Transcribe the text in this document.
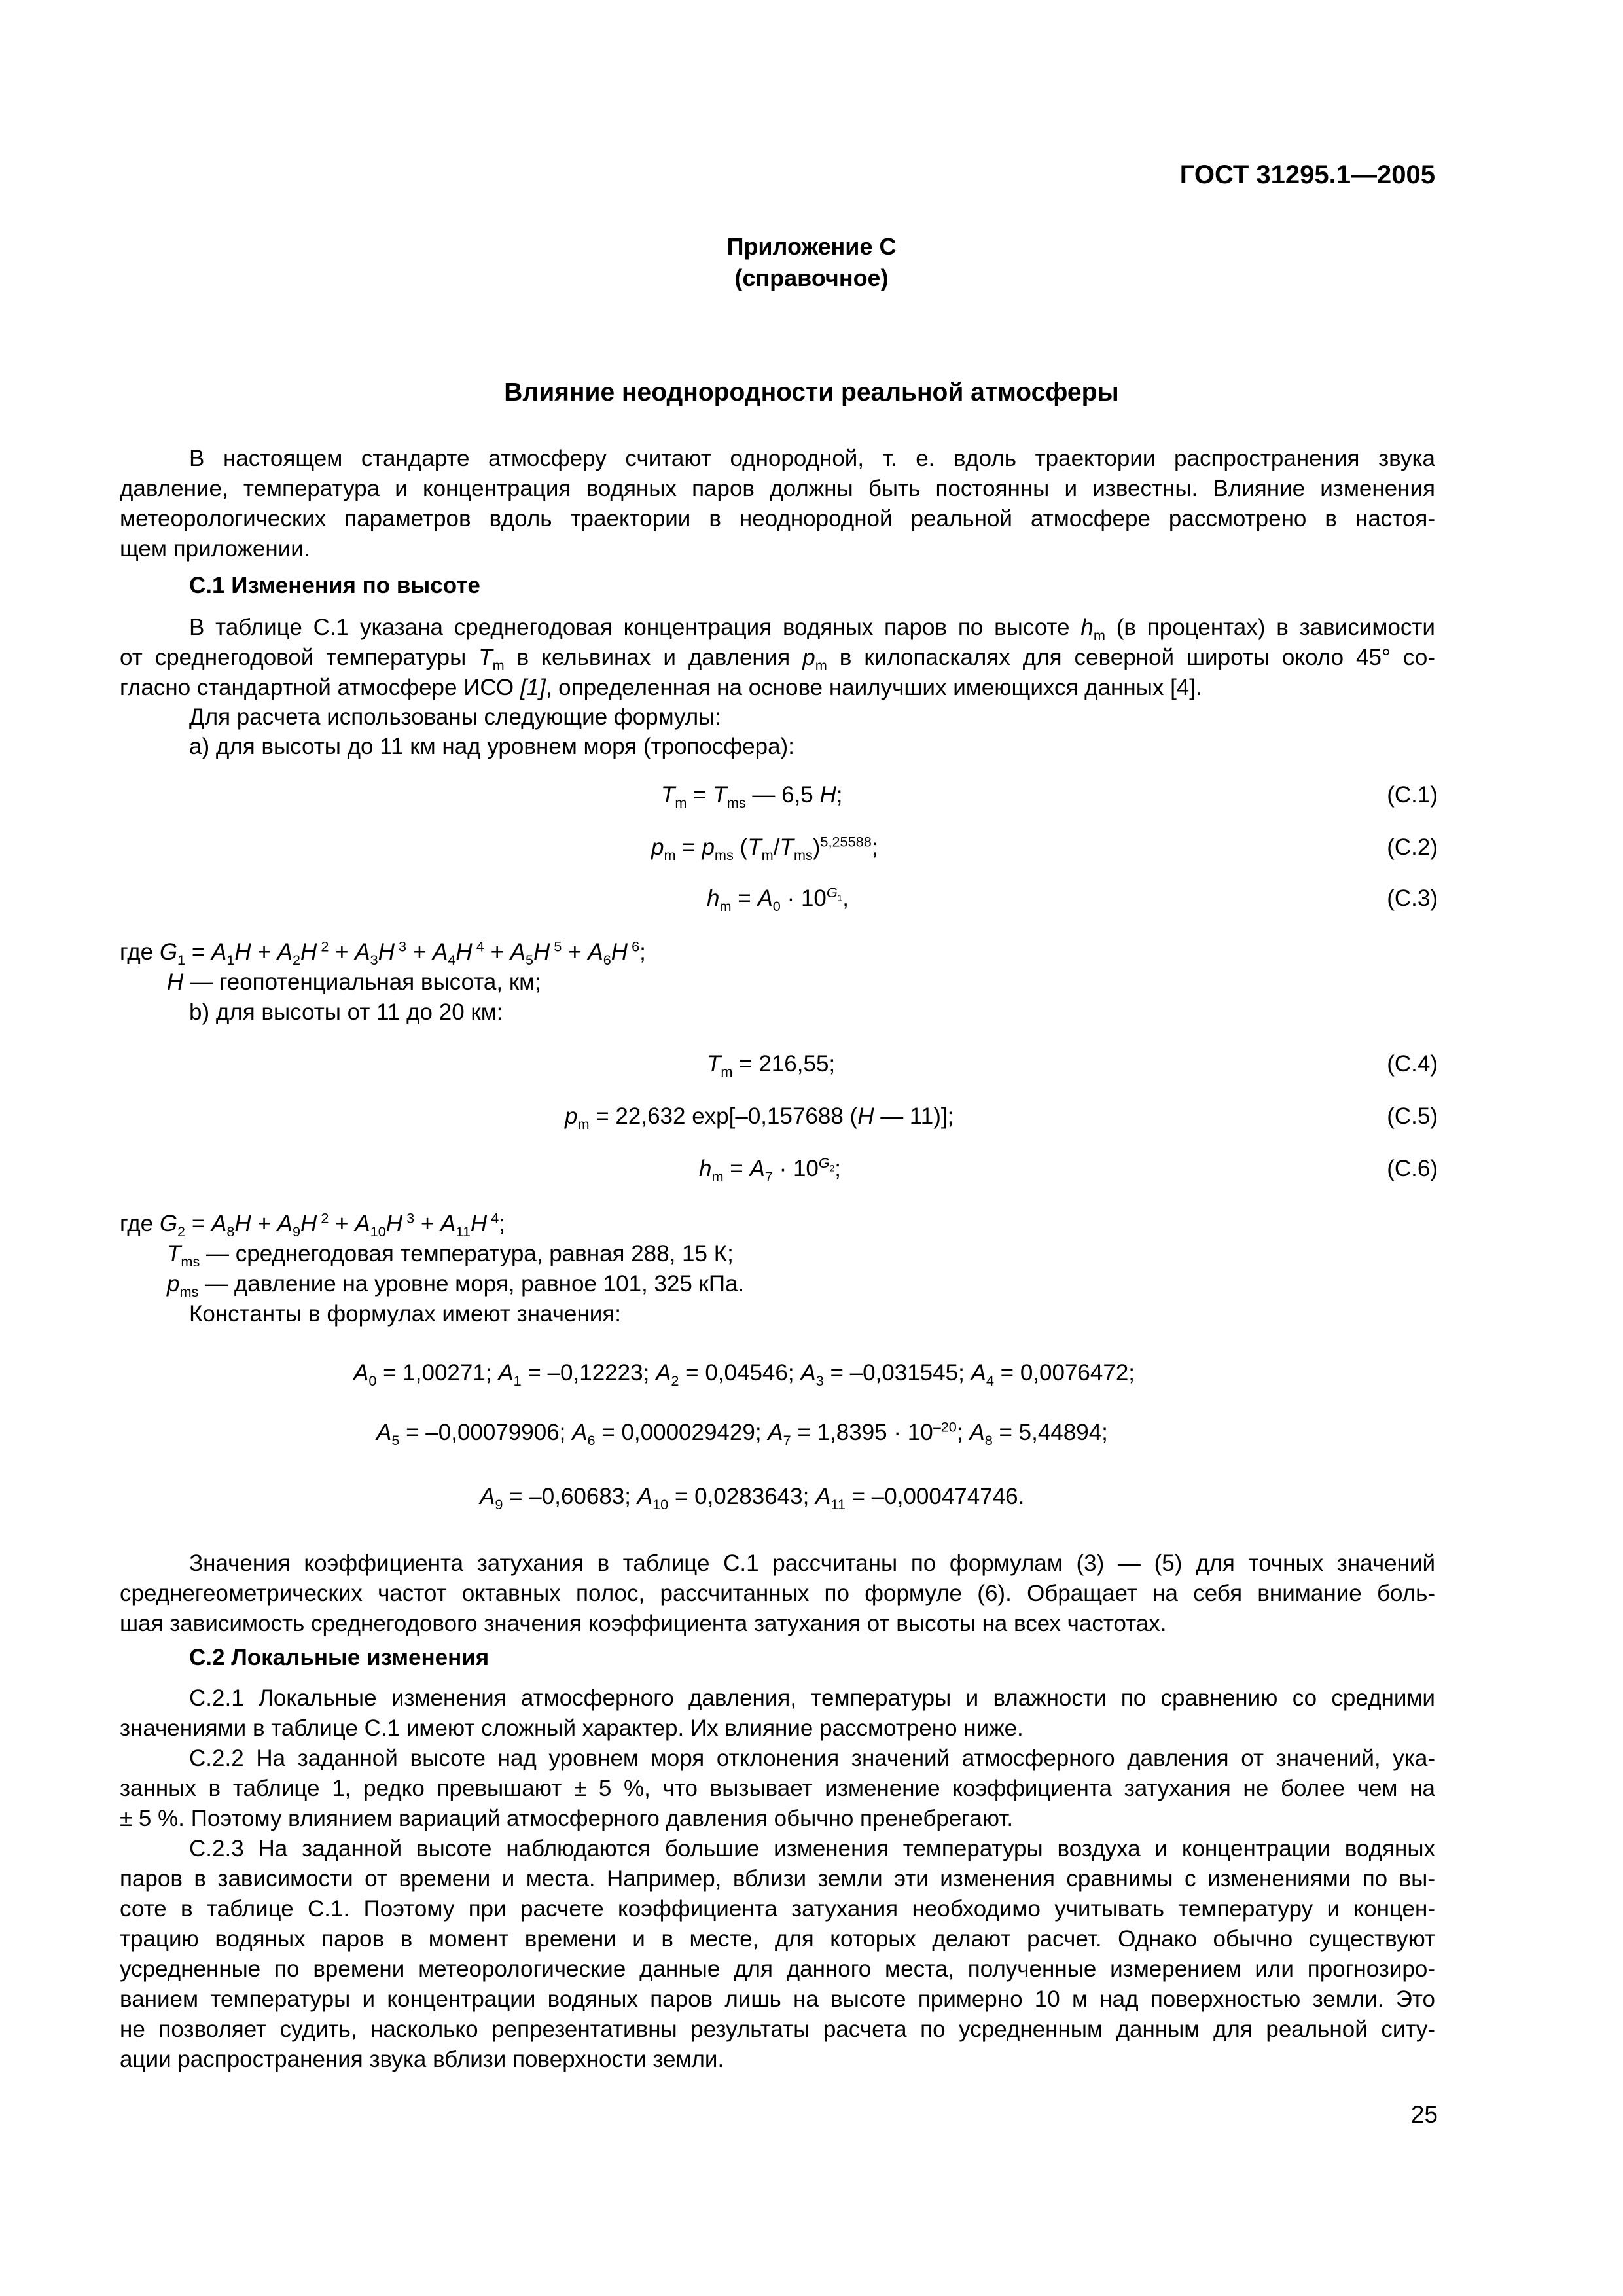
ГОСТ 31295.1—2005
Приложение С
(справочное)
Влияние неоднородности реальной атмосферы
В настоящем стандарте атмосферу считают однородной, т. е. вдоль траектории распространения звука
давление, температура и концентрация водяных паров должны быть постоянны и известны. Влияние изменения
метеорологических параметров вдоль траектории в неоднородной реальной атмосфере рассмотрено в настоя-
щем приложении.
С.1 Изменения по высоте
В таблице С.1 указана среднегодовая концентрация водяных паров по высоте $h_m$ (в процентах) в зависимости
от среднегодовой температуры $T_m$ в кельвинах и давления $p_m$ в килопаскалях для северной широты около 45° со-
гласно стандартной атмосфере ИСО [1], определенная на основе наилучших имеющихся данных [4].
Для расчета использованы следующие формулы:
a) для высоты до 11 км над уровнем моря (тропосфера):
$T_m = T_{ms}$ — 6,5 H;	(С.1)
$p_m = p_{ms}$ $(T_m/T_{ms})^{5,25588}$;	(С.2)
$h_m = A_0 \cdot 10^{G_1}$,	(С.3)
где $G_1 = A_1H + A_2H$ $^2 + A_3H$ $^3 + A_4H$ $^4 + A_5H$ $^5 + A_6H$ $^6$;
H — геопотенциальная высота, км;
b) для высоты от 11 до 20 км:
$T_m = 216,55$;	(С.4)
$p_m = 22,632$ exp[–0,157688 (H — 11)];	(С.5)
$h_m = A_7 \cdot 10^{G_2}$;	(С.6)
где $G_2 = A_8H + A_9H$ $^2 + A_{10}H$ $^3 + A_{11}H$ $^4$;
$T_{ms}$ — среднегодовая температура, равная 288, 15 К;
$p_{ms}$ — давление на уровне моря, равное 101, 325 кПа.
Константы в формулах имеют значения:
$A_0 = 1,00271$; $A_1 = -0,12223$; $A_2 = 0,04546$; $A_3 = -0,031545$; $A_4 = 0,0076472$;
$A_5 = -0,00079906$; $A_6 = 0,000029429$; $A_7 = 1,8395 \cdot 10^{-20}$; $A_8 = 5,44894$;
$A_9 = -0,60683$; $A_{10} = 0,0283643$; $A_{11} = -0,000474746$.
Значения коэффициента затухания в таблице С.1 рассчитаны по формулам (3) — (5) для точных значений
среднегеометрических частот октавных полос, рассчитанных по формуле (6). Обращает на себя внимание боль-
шая зависимость среднегодового значения коэффициента затухания от высоты на всех частотах.
С.2 Локальные изменения
С.2.1 Локальные изменения атмосферного давления, температуры и влажности по сравнению со средними
значениями в таблице С.1 имеют сложный характер. Их влияние рассмотрено ниже.
С.2.2 На заданной высоте над уровнем моря отклонения значений атмосферного давления от значений, ука-
занных в таблице 1, редко превышают ± 5 %, что вызывает изменение коэффициента затухания не более чем на
± 5 %. Поэтому влиянием вариаций атмосферного давления обычно пренебрегают.
С.2.3 На заданной высоте наблюдаются большие изменения температуры воздуха и концентрации водяных
паров в зависимости от времени и места. Например, вблизи земли эти изменения сравнимы с изменениями по вы-
соте в таблице С.1. Поэтому при расчете коэффициента затухания необходимо учитывать температуру и концен-
трацию водяных паров в момент времени и в месте, для которых делают расчет. Однако обычно существуют
усредненные по времени метеорологические данные для данного места, полученные измерением или прогнозиро-
ванием температуры и концентрации водяных паров лишь на высоте примерно 10 м над поверхностью земли. Это
не позволяет судить, насколько репрезентативны результаты расчета по усредненным данным для реальной ситу-
ации распространения звука вблизи поверхности земли.
25
